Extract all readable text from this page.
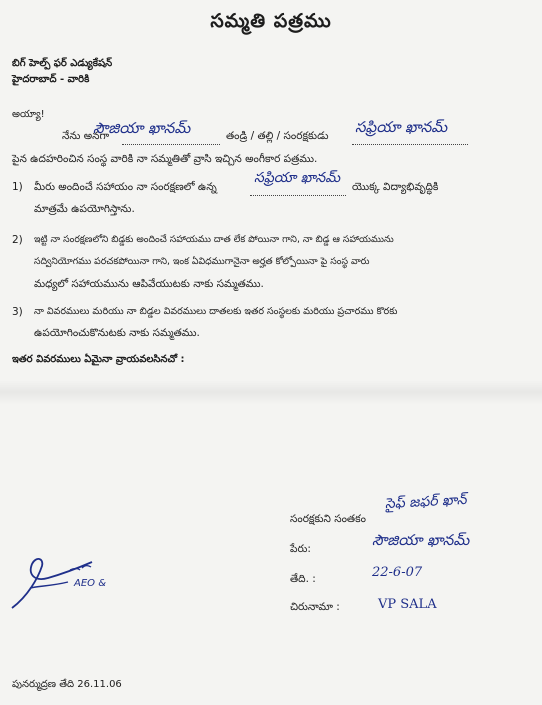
సమ్మతి పత్రము
బిగ్ హెల్ప్ ఫర్ ఎడ్యుకేషన్
హైదరాబాద్ - వారికి
అయ్యా!
నేను అనగా
సౌజియా ఖానమ్	తండ్రి / తల్లి / సంరక్షకుడు సఫ్రియా ఖానమ్
పైన ఉదహరించిన సంస్థ వారికి నా సమ్మతితో వ్రాసి ఇచ్చిన అంగీకార పత్రము.
1) మీరు అందించే సహాయం నా సంరక్షణలో ఉన్న
సఫ్రియా ఖానమ్
యొక్క విద్యాభివృద్ధికి
మాత్రమే ఉపయోగిస్తాను.
2) ఇట్టి నా సంరక్షణలోని బిడ్డకు అందించే సహాయము దాత లేక పోయినా గాని, నా బిడ్డ ఆ సహాయమును
సద్వినియోగము పరచకపోయినా గాని, ఇంక ఏవిధముగానైనా అర్హత కోల్పోయినా పై సంస్థ వారు
మధ్యలో సహాయమును ఆపివేయుటకు నాకు సమ్మతము.
3) నా వివరములు మరియు నా బిడ్డల వివరములు దాతలకు ఇతర సంస్థలకు మరియు ప్రచారము కొరకు
ఉపయోగించుకొనుటకు నాకు సమ్మతము.
ఇతర వివరములు ఏమైనా వ్రాయవలసినచో :
సంరక్షకుని సంతకం
సైఫ్ జఫర్ ఖాన్
పేరు:	సౌజియా ఖానమ్
తేది. :	22-6-07
చిరునామా :	VP SALA
AEO &
పునర్ముద్రణ తేది 26.11.06
